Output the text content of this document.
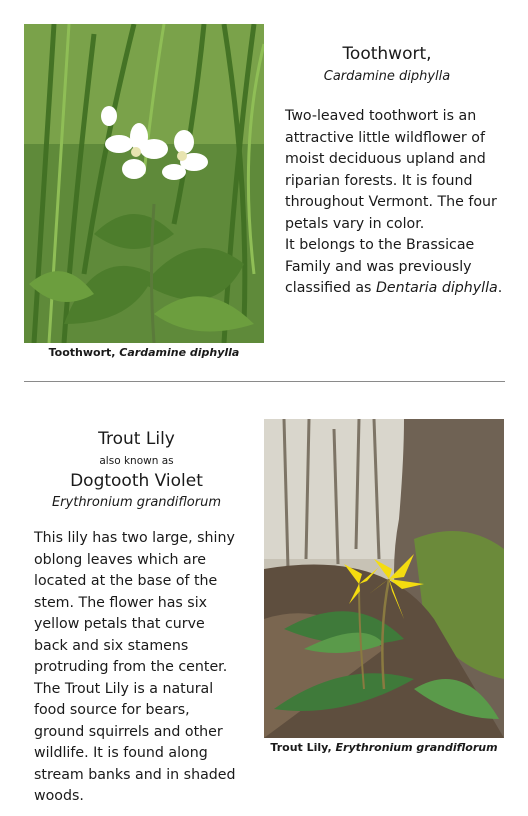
Toothwort, Cardamine diphylla
Toothwort,
Cardamine diphylla
Two-leaved toothwort is an attractive little wildflower of moist deciduous upland and riparian forests. It is found throughout Vermont. The four petals vary in color.
It belongs to the Brassicae Family and was previously classified as Dentaria diphylla.
Trout Lily
also known as
Dogtooth Violet
Erythronium grandiflorum
This lily has two large, shiny oblong leaves which are located at the base of the stem. The flower has six yellow petals that curve back and six stamens protruding from the center. The Trout Lily is a natural food source for bears, ground squirrels and other wildlife. It is found along stream banks and in shaded woods.
Trout Lily, Erythronium grandiflorum
